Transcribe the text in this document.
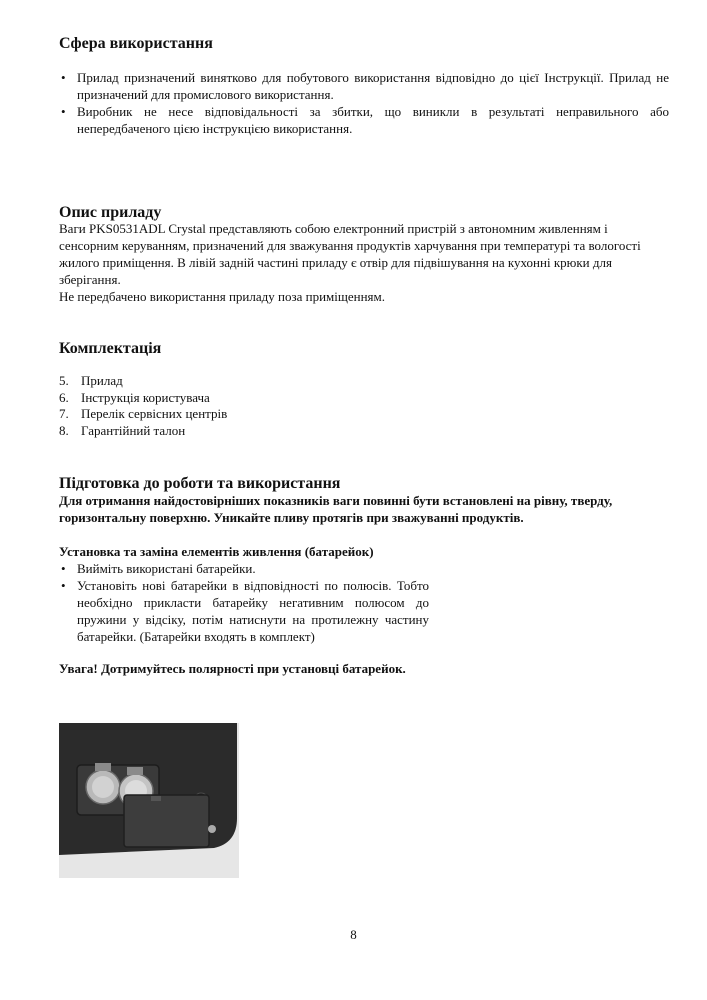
Сфера використання
• Прилад призначений винятково для побутового використання відповідно до цієї Інструкції. Прилад не призначений для промислового використання.
• Виробник не несе відповідальності за збитки, що виникли в результаті неправильного або непередбаченого цією інструкцією використання.
Опис приладу

Ваги PKS0531ADL Crystal представляють собою електронний пристрій з автономним живленням і сенсорним керуванням, призначений для зважування продуктів харчування при температурі та вологості жилого приміщення. В лівій задній частині приладу є отвір для підвішування на кухонні крюки для зберігання.

Не передбачено використання приладу поза приміщенням.

Комплектація
5. Прилад
6. Інструкція користувача
7. Перелік сервісних центрів
8. Гарантійний талон
Підготовка до роботи та використання

Для отримання найдостовірніших показників ваги повинні бути встановлені на рівну, тверду, горизонтальну поверхню. Уникайте пливу протягів при зважуванні продуктів.

Установка та заміна елементів живлення (батарейок)

• Вийміть використані батарейки.
• Установіть нові батарейки в відповідності по полюсів. Тобто необхідно прикласти батарейку негативним полюсом до пружини у відсіку, потім натиснути на протилежну частину батарейки. (Батарейки входять в комплект)

Увага! Дотримуйтесь полярності при установці батарейок.

8
